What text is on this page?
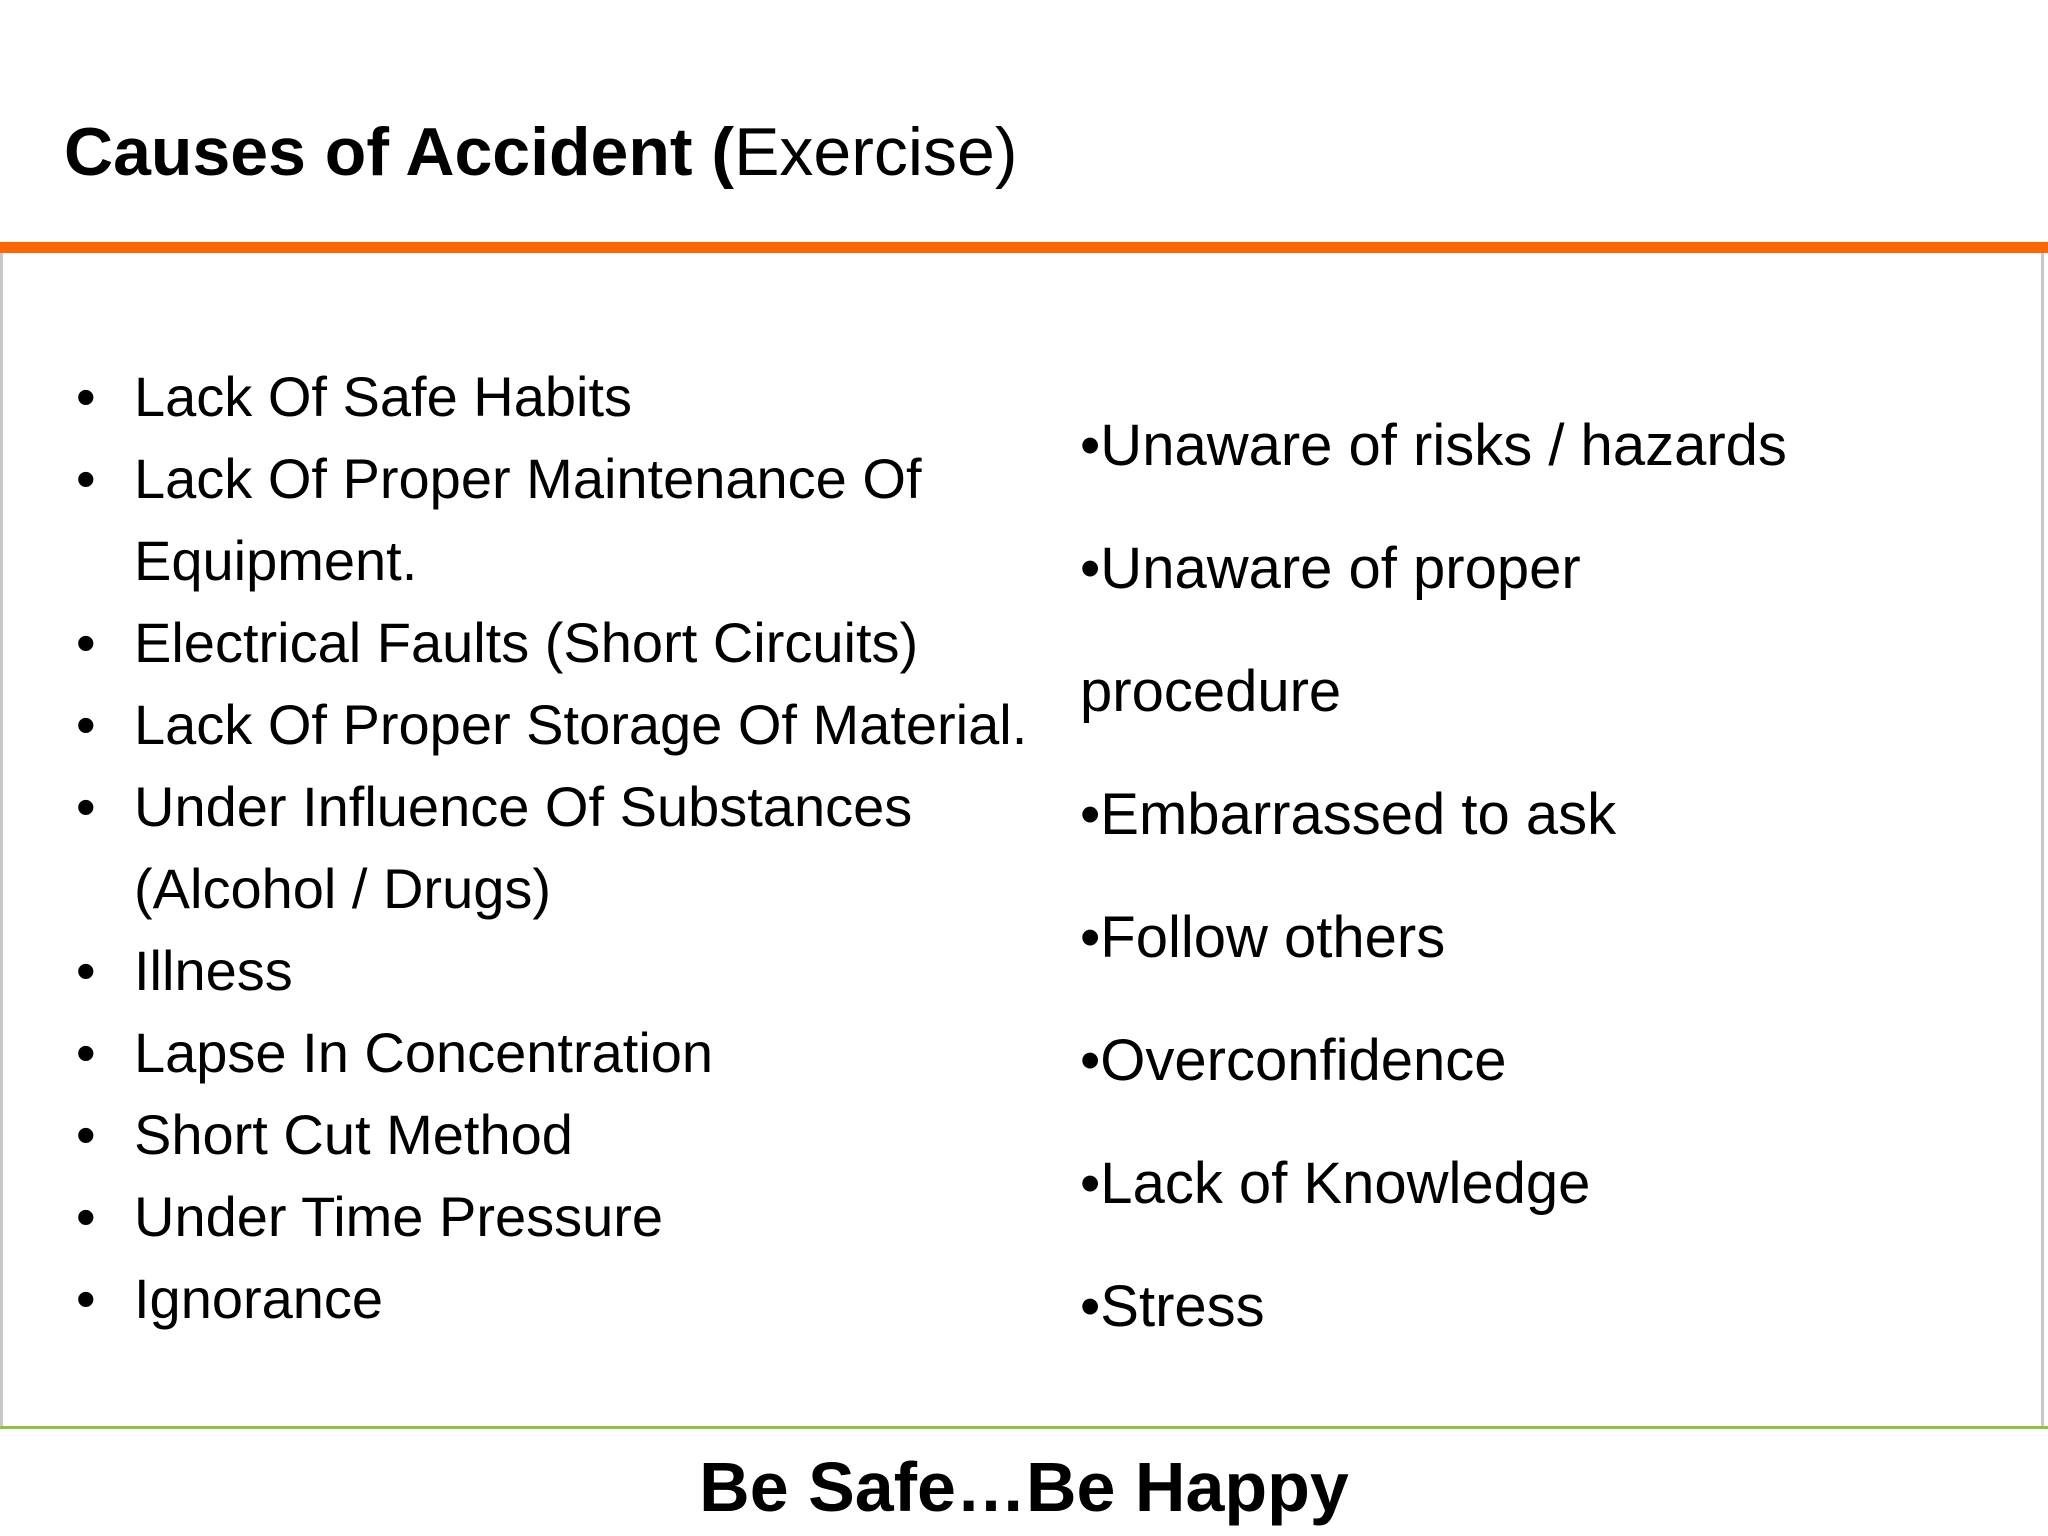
Causes of Accident (Exercise)
• Lack Of Safe Habits
• Lack Of Proper Maintenance Of Equipment.
• Electrical Faults (Short Circuits)
• Lack Of Proper Storage Of Material.
• Under Influence Of Substances (Alcohol / Drugs)
• Illness
• Lapse In Concentration
• Short Cut Method
• Under Time Pressure
• Ignorance
•Unaware of risks / hazards
•Unaware of proper
procedure
•Embarrassed to ask
•Follow others
•Overconfidence
•Lack of Knowledge
•Stress
Be Safe…Be Happy
